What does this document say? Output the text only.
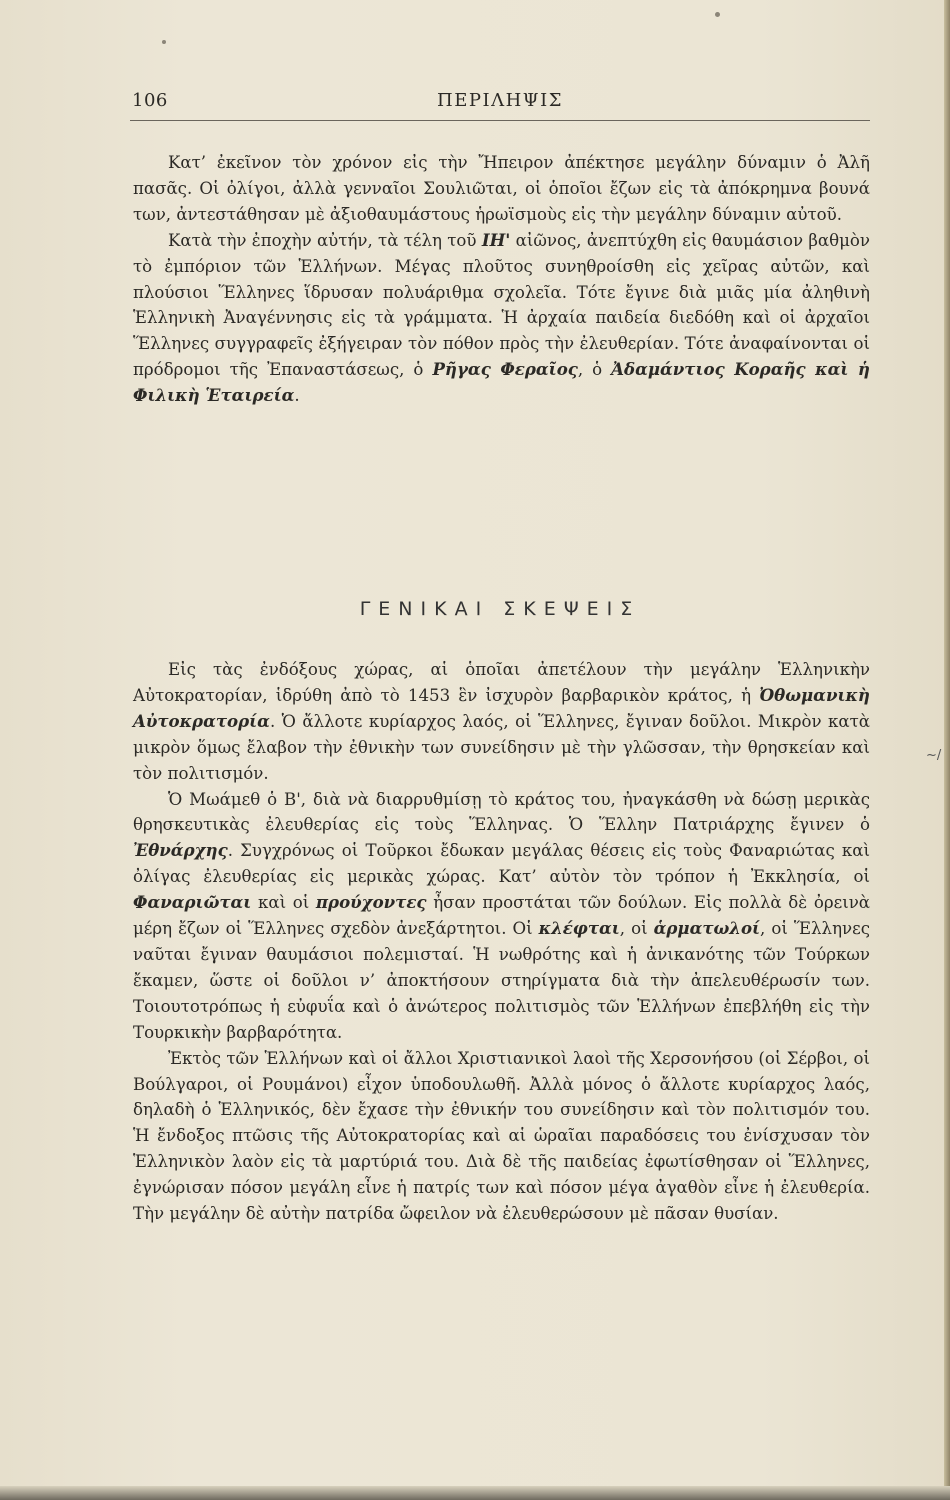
106	ΠΕΡΙΛΗΨΙΣ

Κατ’ ἐκεῖνον τὸν χρόνον εἰς τὴν Ἤπειρον ἀπέκτησε μεγάλην δύναμιν ὁ Ἀλῆ πασᾶς. Οἱ ὀλίγοι, ἀλλὰ γενναῖοι Σουλιῶται, οἱ ὁποῖοι ἔζων εἰς τὰ ἀπόκρημνα βουνά των, ἀντεστάθησαν μὲ ἀξιοθαυμάστους ἡρωϊσμοὺς εἰς τὴν μεγάλην δύναμιν αὐτοῦ.

Κατὰ τὴν ἐποχὴν αὐτήν, τὰ τέλη τοῦ ΙΗ' αἰῶνος, ἀνεπτύχθη εἰς θαυμάσιον βαθμὸν τὸ ἐμπόριον τῶν Ἑλλήνων. Μέγας πλοῦτος συνηθροίσθη εἰς χεῖρας αὐτῶν, καὶ πλούσιοι Ἕλληνες ἵδρυσαν πολυάριθμα σχολεῖα. Τότε ἔγινε διὰ μιᾶς μία ἀληθινὴ Ἑλληνικὴ Ἀναγέννησις εἰς τὰ γράμματα. Ἡ ἀρχαία παιδεία διεδόθη καὶ οἱ ἀρχαῖοι Ἕλληνες συγγραφεῖς ἐξήγειραν τὸν πόθον πρὸς τὴν ἐλευθερίαν. Τότε ἀναφαίνονται οἱ πρόδρομοι τῆς Ἐπαναστάσεως, ὁ Ρῆγας Φεραῖος, ὁ Ἀδαμάντιος Κοραῆς καὶ ἡ Φιλικὴ Ἑταιρεία.

ΓΕΝΙΚΑΙ ΣΚΕΨΕΙΣ

Εἰς τὰς ἐνδόξους χώρας, αἱ ὁποῖαι ἀπετέλουν τὴν μεγάλην Ἑλληνικὴν Αὐτοκρατορίαν, ἱδρύθη ἀπὸ τὸ 1453 ἓν ἰσχυρὸν βαρβαρικὸν κράτος, ἡ Ὀθωμανικὴ Αὐτοκρατορία. Ὁ ἄλλοτε κυρίαρχος λαός, οἱ Ἕλληνες, ἔγιναν δοῦλοι. Μικρὸν κατὰ μικρὸν ὅμως ἔλαβον τὴν ἐθνικὴν των συνείδησιν μὲ τὴν γλῶσσαν, τὴν θρησκείαν καὶ τὸν πολιτισμόν.

Ὁ Μωάμεθ ὁ Β', διὰ νὰ διαρρυθμίσῃ τὸ κράτος του, ἠναγκάσθη νὰ δώσῃ μερικὰς θρησκευτικὰς ἐλευθερίας εἰς τοὺς Ἕλληνας. Ὁ Ἕλλην Πατριάρχης ἔγινεν ὁ Ἐθνάρχης. Συγχρόνως οἱ Τοῦρκοι ἔδωκαν μεγάλας θέσεις εἰς τοὺς Φαναριώτας καὶ ὀλίγας ἐλευθερίας εἰς μερικὰς χώρας. Κατ’ αὐτὸν τὸν τρόπον ἡ Ἐκκλησία, οἱ Φαναριῶται καὶ οἱ προύχοντες ἦσαν προστάται τῶν δούλων. Εἰς πολλὰ δὲ ὀρεινὰ μέρη ἔζων οἱ Ἕλληνες σχεδὸν ἀνεξάρτητοι. Οἱ κλέφται, οἱ ἁρματωλοί, οἱ Ἕλληνες ναῦται ἔγιναν θαυμάσιοι πολεμισταί. Ἡ νωθρότης καὶ ἡ ἀνικανότης τῶν Τούρκων ἔκαμεν, ὥστε οἱ δοῦλοι ν’ ἀποκτήσουν στηρίγματα διὰ τὴν ἀπελευθέρωσίν των. Τοιουτοτρόπως ἡ εὐφυΐα καὶ ὁ ἀνώτερος πολιτισμὸς τῶν Ἑλλήνων ἐπεβλήθη εἰς τὴν Τουρκικὴν βαρβαρότητα.

Ἐκτὸς τῶν Ἑλλήνων καὶ οἱ ἄλλοι Χριστιανικοὶ λαοὶ τῆς Χερσονήσου (οἱ Σέρβοι, οἱ Βούλγαροι, οἱ Ρουμάνοι) εἶχον ὑποδουλωθῆ. Ἀλλὰ μόνος ὁ ἄλλοτε κυρίαρχος λαός, δηλαδὴ ὁ Ἑλληνικός, δὲν ἔχασε τὴν ἐθνικήν του συνείδησιν καὶ τὸν πολιτισμόν του. Ἡ ἔνδοξος πτῶσις τῆς Αὐτοκρατορίας καὶ αἱ ὡραῖαι παραδόσεις του ἐνίσχυσαν τὸν Ἑλληνικὸν λαὸν εἰς τὰ μαρτύριά του. Διὰ δὲ τῆς παιδείας ἐφωτίσθησαν οἱ Ἕλληνες, ἐγνώρισαν πόσον μεγάλη εἶνε ἡ πατρίς των καὶ πόσον μέγα ἀγαθὸν εἶνε ἡ ἐλευθερία. Τὴν μεγάλην δὲ αὐτὴν πατρίδα ὤφειλον νὰ ἐλευθερώσουν μὲ πᾶσαν θυσίαν.

~/
